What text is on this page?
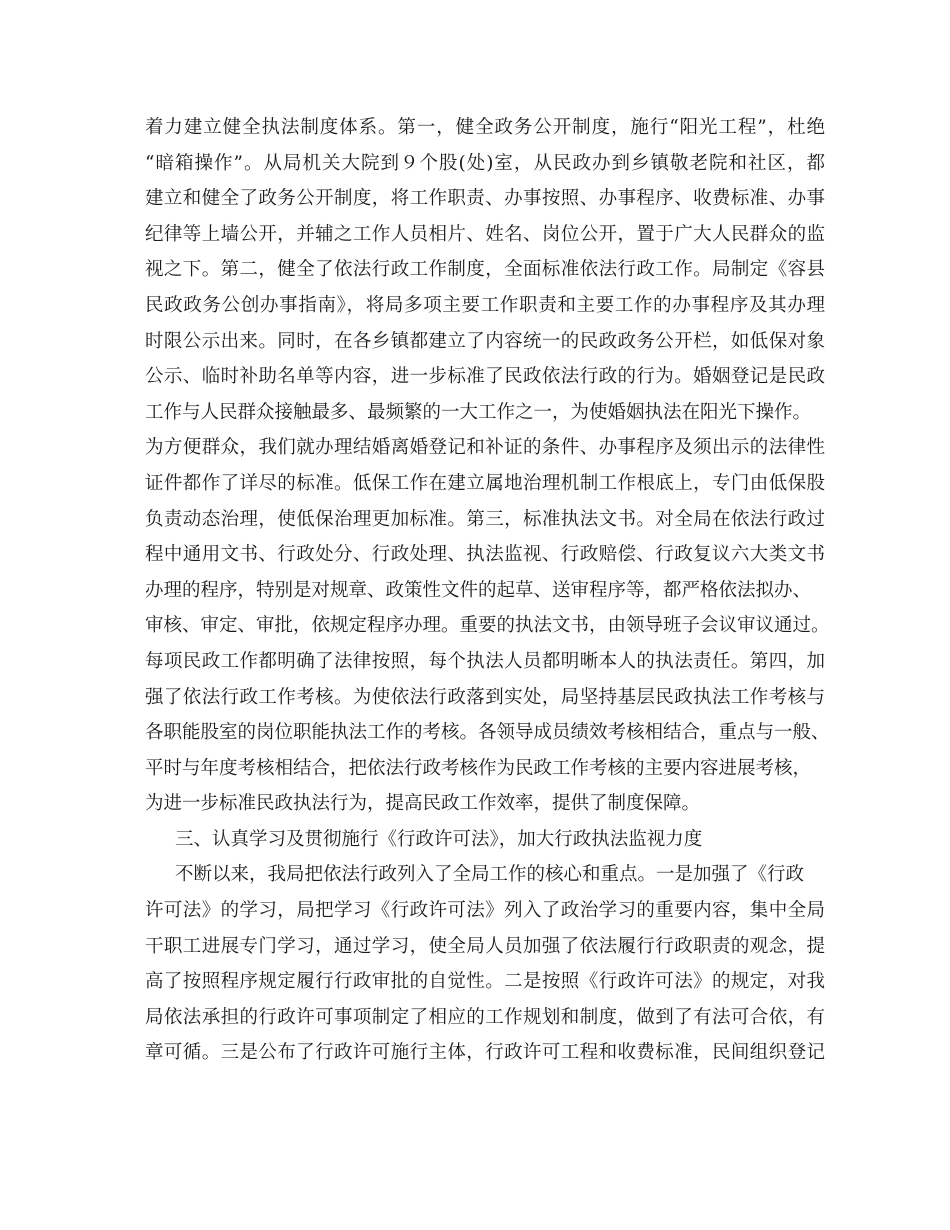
着力建立健全执法制度体系。第一，健全政务公开制度，施行“阳光工程”，杜绝
“暗箱操作”。从局机关大院到９个股(处)室，从民政办到乡镇敬老院和社区，都
建立和健全了政务公开制度，将工作职责、办事按照、办事程序、收费标准、办事
纪律等上墙公开，并辅之工作人员相片、姓名、岗位公开，置于广大人民群众的监
视之下。第二，健全了依法行政工作制度，全面标准依法行政工作。局制定《容县
民政政务公创办事指南》，将局多项主要工作职责和主要工作的办事程序及其办理
时限公示出来。同时，在各乡镇都建立了内容统一的民政政务公开栏，如低保对象
公示、临时补助名单等内容，进一步标准了民政依法行政的行为。婚姻登记是民政
工作与人民群众接触最多、最频繁的一大工作之一，为使婚姻执法在阳光下操作。
为方便群众，我们就办理结婚离婚登记和补证的条件、办事程序及须出示的法律性
证件都作了详尽的标准。低保工作在建立属地治理机制工作根底上，专门由低保股
负责动态治理，使低保治理更加标准。第三，标准执法文书。对全局在依法行政过
程中通用文书、行政处分、行政处理、执法监视、行政赔偿、行政复议六大类文书
办理的程序，特别是对规章、政策性文件的起草、送审程序等，都严格依法拟办、
审核、审定、审批，依规定程序办理。重要的执法文书，由领导班子会议审议通过。
每项民政工作都明确了法律按照，每个执法人员都明晰本人的执法责任。第四，加
强了依法行政工作考核。为使依法行政落到实处，局坚持基层民政执法工作考核与
各职能股室的岗位职能执法工作的考核。各领导成员绩效考核相结合，重点与一般、
平时与年度考核相结合，把依法行政考核作为民政工作考核的主要内容进展考核，
为进一步标准民政执法行为，提高民政工作效率，提供了制度保障。
三、认真学习及贯彻施行《行政许可法》，加大行政执法监视力度
不断以来，我局把依法行政列入了全局工作的核心和重点。一是加强了《行政
许可法》的学习，局把学习《行政许可法》列入了政治学习的重要内容，集中全局
干职工进展专门学习，通过学习，使全局人员加强了依法履行行政职责的观念，提
高了按照程序规定履行行政审批的自觉性。二是按照《行政许可法》的规定，对我
局依法承担的行政许可事项制定了相应的工作规划和制度，做到了有法可合依，有
章可循。三是公布了行政许可施行主体，行政许可工程和收费标准，民间组织登记
